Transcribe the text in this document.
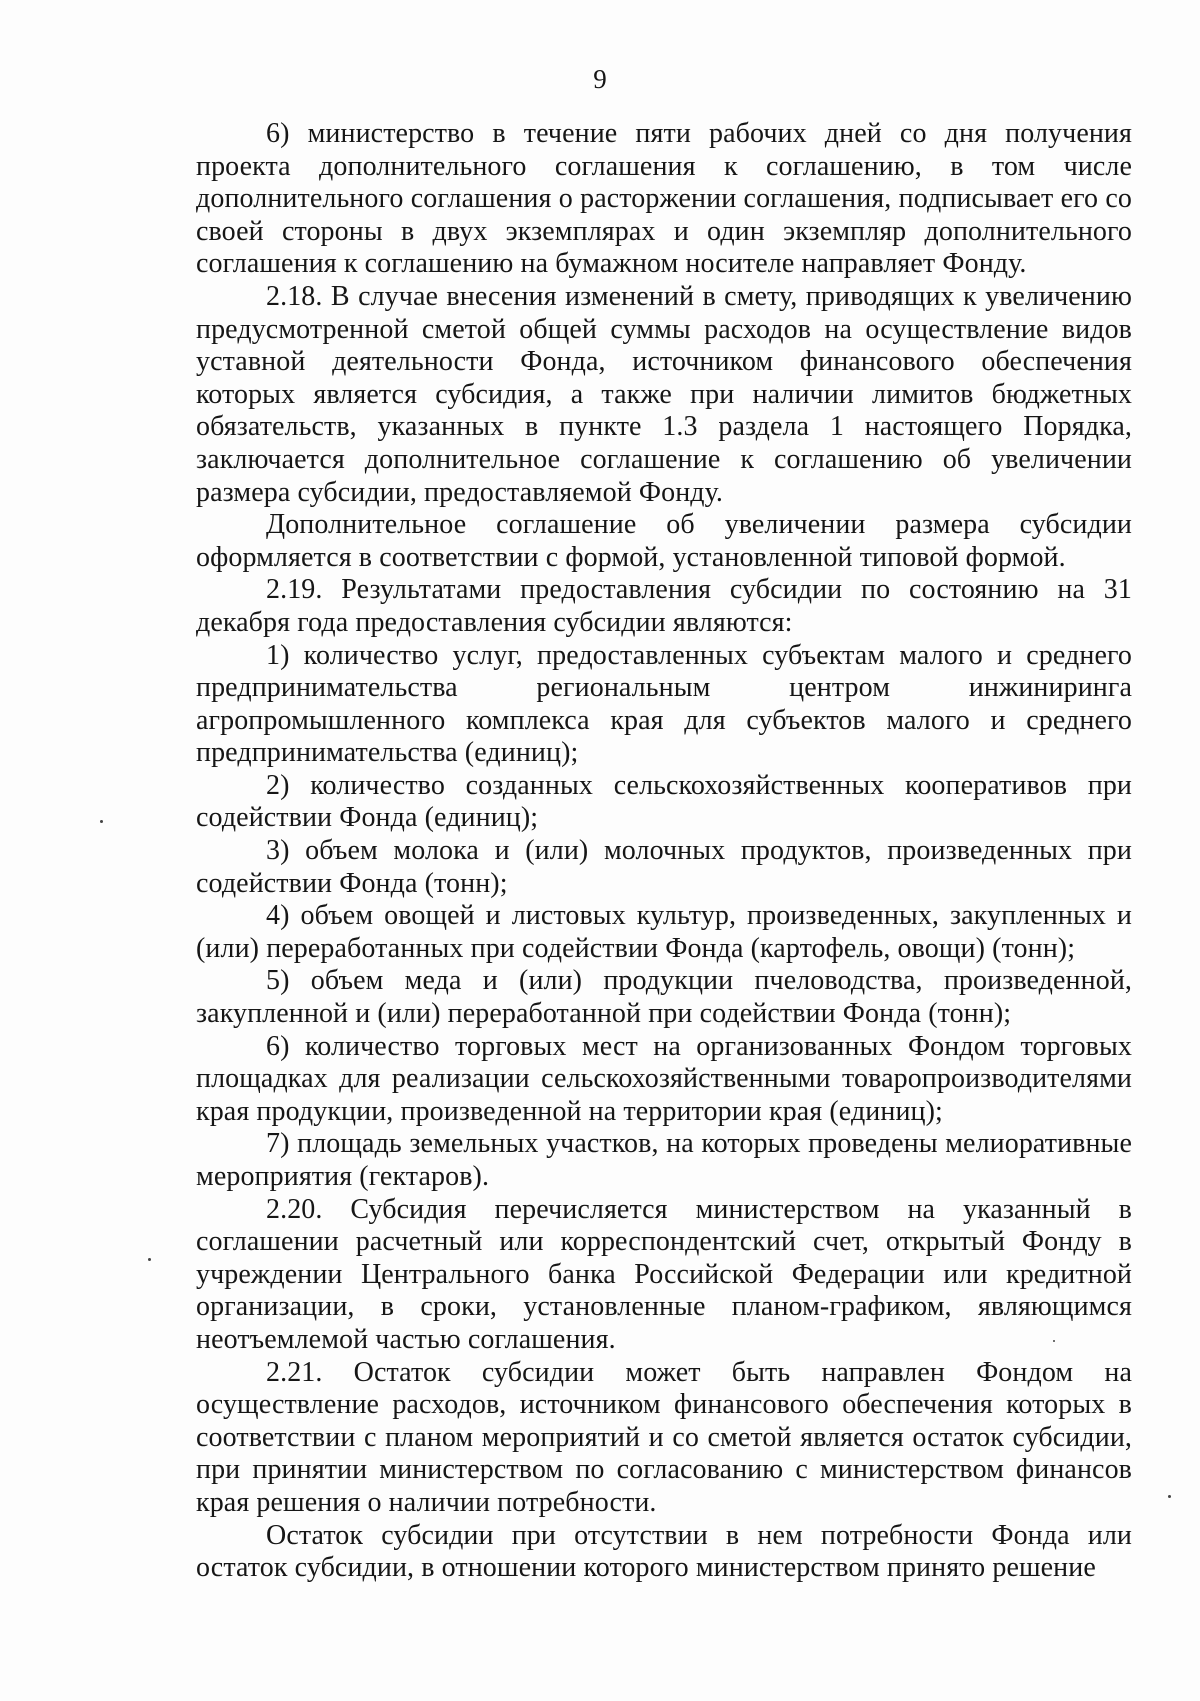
9

6) министерство в течение пяти рабочих дней со дня получения проекта дополнительного соглашения к соглашению, в том числе дополнительного соглашения о расторжении соглашения, подписывает его со своей стороны в двух экземплярах и один экземпляр дополнительного соглашения к соглашению на бумажном носителе направляет Фонду.

2.18. В случае внесения изменений в смету, приводящих к увеличению предусмотренной сметой общей суммы расходов на осуществление видов уставной деятельности Фонда, источником финансового обеспечения которых является субсидия, а также при наличии лимитов бюджетных обязательств, указанных в пункте 1.3 раздела 1 настоящего Порядка, заключается дополнительное соглашение к соглашению об увеличении размера субсидии, предоставляемой Фонду.

Дополнительное соглашение об увеличении размера субсидии оформляется в соответствии с формой, установленной типовой формой.

2.19. Результатами предоставления субсидии по состоянию на 31 декабря года предоставления субсидии являются:

1) количество услуг, предоставленных субъектам малого и среднего предпринимательства региональным центром инжиниринга агропромышленного комплекса края для субъектов малого и среднего предпринимательства (единиц);

2) количество созданных сельскохозяйственных кооперативов при содействии Фонда (единиц);

3) объем молока и (или) молочных продуктов, произведенных при содействии Фонда (тонн);

4) объем овощей и листовых культур, произведенных, закупленных и (или) переработанных при содействии Фонда (картофель, овощи) (тонн);

5) объем меда и (или) продукции пчеловодства, произведенной, закупленной и (или) переработанной при содействии Фонда (тонн);

6) количество торговых мест на организованных Фондом торговых площадках для реализации сельскохозяйственными товаропроизводителями края продукции, произведенной на территории края (единиц);

7) площадь земельных участков, на которых проведены мелиоративные мероприятия (гектаров).

2.20. Субсидия перечисляется министерством на указанный в соглашении расчетный или корреспондентский счет, открытый Фонду в учреждении Центрального банка Российской Федерации или кредитной организации, в сроки, установленные планом-графиком, являющимся неотъемлемой частью соглашения.

2.21. Остаток субсидии может быть направлен Фондом на осуществление расходов, источником финансового обеспечения которых в соответствии с планом мероприятий и со сметой является остаток субсидии, при принятии министерством по согласованию с министерством финансов края решения о наличии потребности.

Остаток субсидии при отсутствии в нем потребности Фонда или остаток субсидии, в отношении которого министерством принято решение
